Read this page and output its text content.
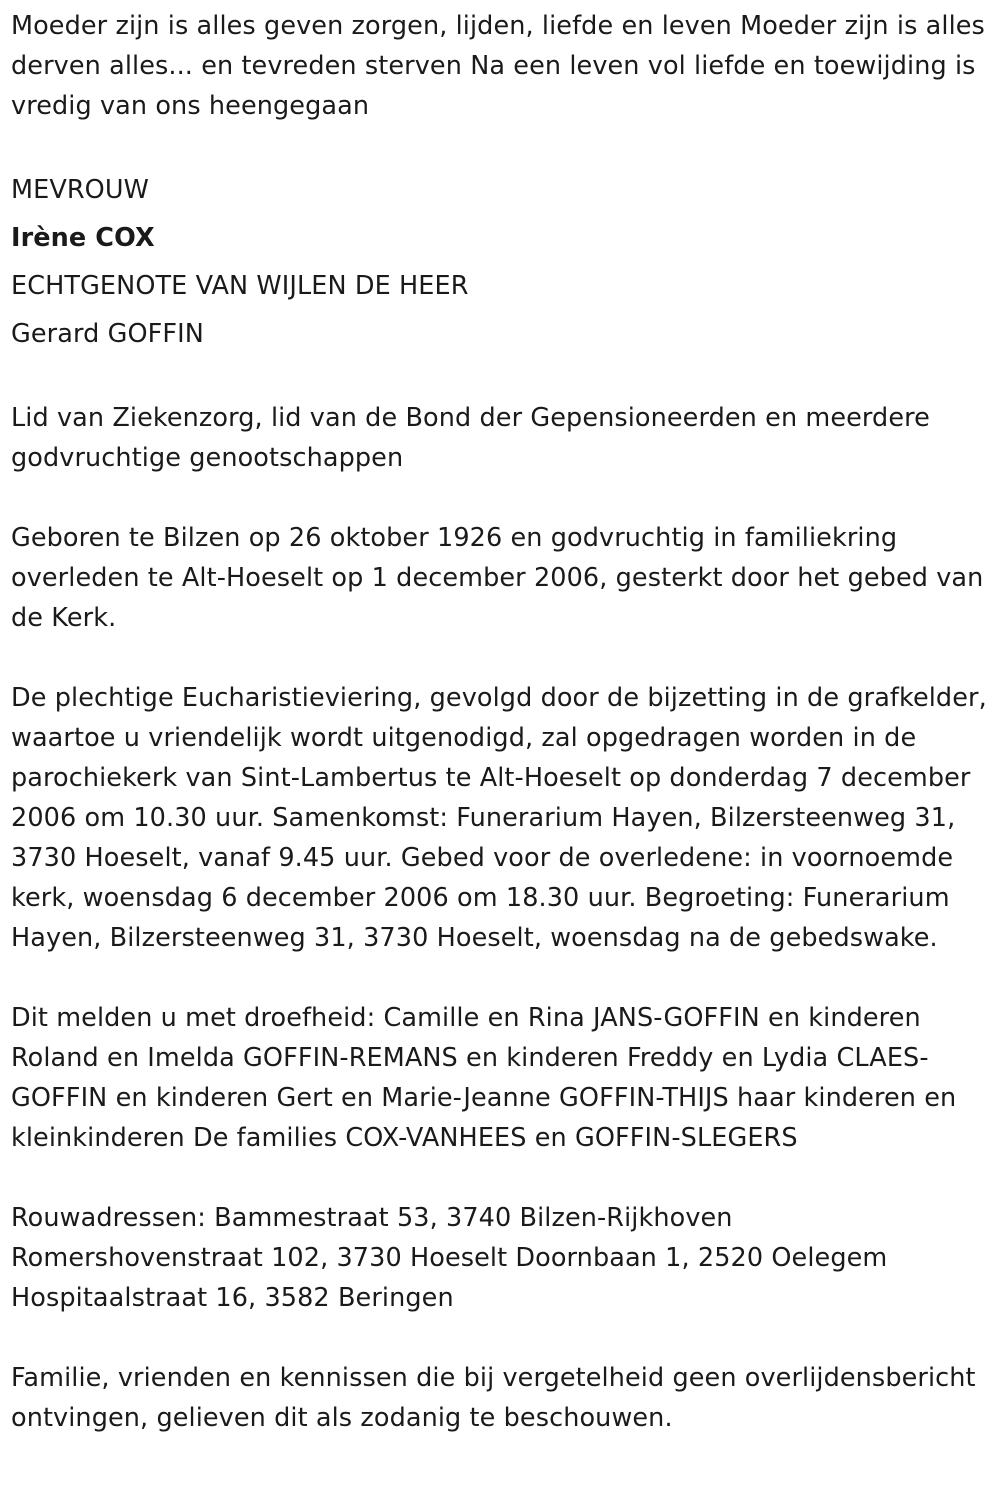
Moeder zijn is alles geven zorgen, lijden, liefde en leven Moeder zijn is alles derven alles... en tevreden sterven Na een leven vol liefde en toewijding is vredig van ons heengegaan

MEVROUW
Irène COX
ECHTGENOTE VAN WIJLEN DE HEER
Gerard GOFFIN

Lid van Ziekenzorg, lid van de Bond der Gepensioneerden en meerdere godvruchtige genootschappen

Geboren te Bilzen op 26 oktober 1926 en godvruchtig in familiekring overleden te Alt-Hoeselt op 1 december 2006, gesterkt door het gebed van de Kerk.

De plechtige Eucharistieviering, gevolgd door de bijzetting in de grafkelder, waartoe u vriendelijk wordt uitgenodigd, zal opgedragen worden in de parochiekerk van Sint-Lambertus te Alt-Hoeselt op donderdag 7 december 2006 om 10.30 uur. Samenkomst: Funerarium Hayen, Bilzersteenweg 31, 3730 Hoeselt, vanaf 9.45 uur. Gebed voor de overledene: in voornoemde kerk, woensdag 6 december 2006 om 18.30 uur. Begroeting: Funerarium Hayen, Bilzersteenweg 31, 3730 Hoeselt, woensdag na de gebedswake.

Dit melden u met droefheid: Camille en Rina JANS-GOFFIN en kinderen Roland en Imelda GOFFIN-REMANS en kinderen Freddy en Lydia CLAES-GOFFIN en kinderen Gert en Marie-Jeanne GOFFIN-THIJS haar kinderen en kleinkinderen De families COX-VANHEES en GOFFIN-SLEGERS

Rouwadressen: Bammestraat 53, 3740 Bilzen-Rijkhoven Romershovenstraat 102, 3730 Hoeselt Doornbaan 1, 2520 Oelegem Hospitaalstraat 16, 3582 Beringen

Familie, vrienden en kennissen die bij vergetelheid geen overlijdensbericht ontvingen, gelieven dit als zodanig te beschouwen.
